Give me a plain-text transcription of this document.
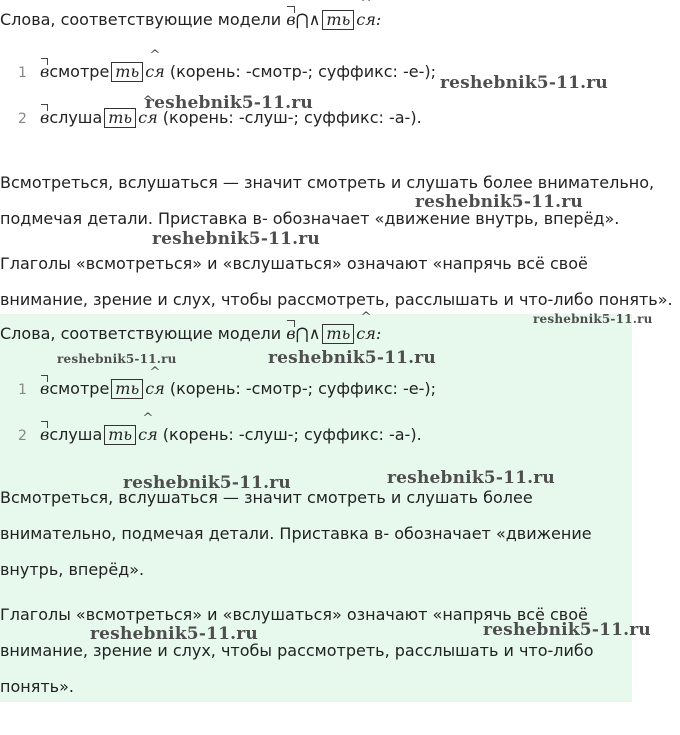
Слова, соответствующие модели в⋂∧ ть ^ ся:
1 всмотре ть ^ ся (корень: -смотр-; суффикс: -е-);
2 вслуша ть ^ ся (корень: -слуш-; суффикс: -а-).
Всмотреться, вслушаться — значит смотреть и слушать более внимательно,
подмечая детали. Приставка в- обозначает «движение внутрь, вперёд».
Глаголы «всмотреться» и «вслушаться» означают «напрячь всё своё
внимание, зрение и слух, чтобы рассмотреть, расслышать и что-либо понять».
Слова, соответствующие модели в⋂∧ ть ^ ся:
1 всмотре ть ^ ся (корень: -смотр-; суффикс: -е-);
2 вслуша ть ^ ся (корень: -слуш-; суффикс: -а-).
Всмотреться, вслушаться — значит смотреть и слушать более
внимательно, подмечая детали. Приставка в- обозначает «движение
внутрь, вперёд».
Глаголы «всмотреться» и «вслушаться» означают «напрячь всё своё
внимание, зрение и слух, чтобы рассмотреть, расслышать и что-либо
понять».
reshebnik5-11.ru
reshebnik5-11.ru
reshebnik5-11.ru
reshebnik5-11.ru
reshebnik5-11.ru
reshebnik5-11.ru	reshebnik5-11.ru
reshebnik5-11.ru	reshebnik5-11.ru
reshebnik5-11.ru	reshebnik5-11.ru
